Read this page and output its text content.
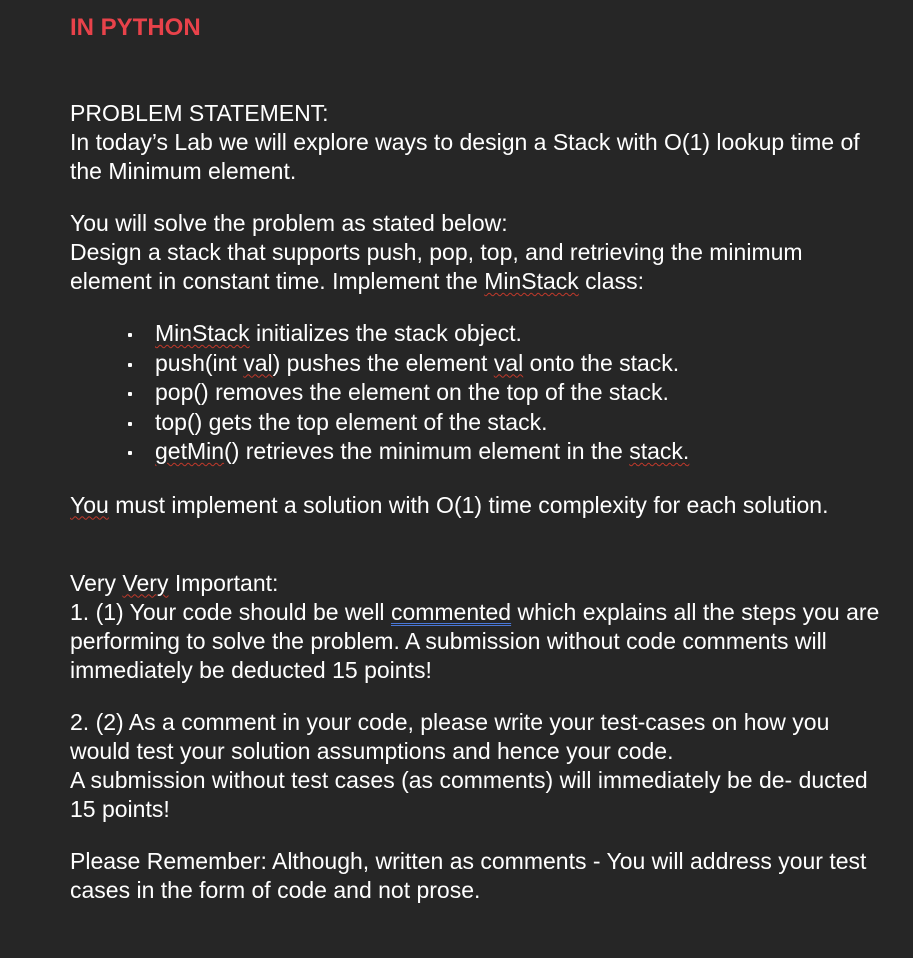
IN PYTHON

PROBLEM STATEMENT:

In today’s Lab we will explore ways to design a Stack with O(1) lookup time of the Minimum element.

You will solve the problem as stated below:

Design a stack that supports push, pop, top, and retrieving the minimum element in constant time. Implement the MinStack class:

MinStack initializes the stack object.
push(int val) pushes the element val onto the stack.
pop() removes the element on the top of the stack.
top() gets the top element of the stack.
getMin() retrieves the minimum element in the stack.

You must implement a solution with O(1) time complexity for each solution.

Very Very Important:

1. (1) Your code should be well commented which explains all the steps you are performing to solve the problem. A submission without code comments will immediately be deducted 15 points!

2. (2) As a comment in your code, please write your test-cases on how you would test your solution assumptions and hence your code.

A submission without test cases (as comments) will immediately be de- ducted 15 points!

Please Remember: Although, written as comments - You will address your test cases in the form of code and not prose.
